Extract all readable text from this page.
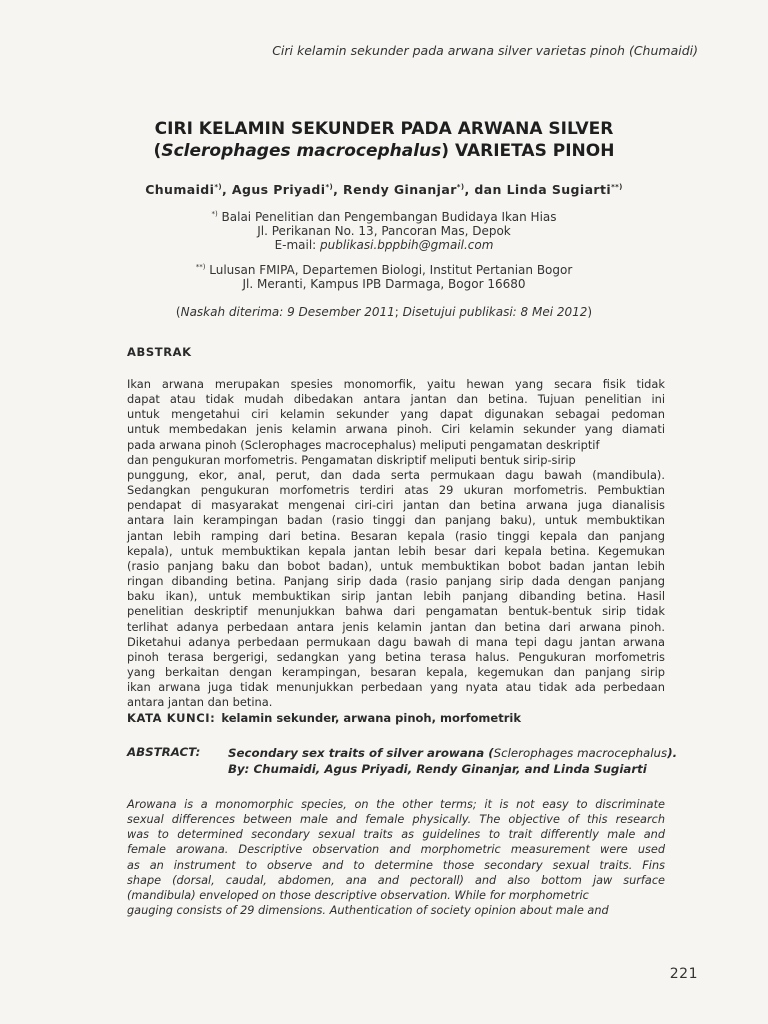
Ciri kelamin sekunder pada arwana silver varietas pinoh (Chumaidi)
CIRI KELAMIN SEKUNDER PADA ARWANA SILVER
(Sclerophages macrocephalus) VARIETAS PINOH
Chumaidi*), Agus Priyadi*), Rendy Ginanjar*), dan Linda Sugiarti**)
*) Balai Penelitian dan Pengembangan Budidaya Ikan Hias
Jl. Perikanan No. 13, Pancoran Mas, Depok
E-mail: publikasi.bppbih@gmail.com
**) Lulusan FMIPA, Departemen Biologi, Institut Pertanian Bogor
Jl. Meranti, Kampus IPB Darmaga, Bogor 16680
(Naskah diterima: 9 Desember 2011; Disetujui publikasi: 8 Mei 2012)
ABSTRAK
Ikan arwana merupakan spesies monomorfik, yaitu hewan yang secara fisik tidak
dapat atau tidak mudah dibedakan antara jantan dan betina. Tujuan penelitian ini
untuk mengetahui ciri kelamin sekunder yang dapat digunakan sebagai pedoman
untuk membedakan jenis kelamin arwana pinoh. Ciri kelamin sekunder yang diamati
pada arwana pinoh (Sclerophages macrocephalus) meliputi pengamatan deskriptif
dan pengukuran morfometris. Pengamatan diskriptif meliputi bentuk sirip-sirip
punggung, ekor, anal, perut, dan dada serta permukaan dagu bawah (mandibula).
Sedangkan pengukuran morfometris terdiri atas 29 ukuran morfometris. Pembuktian
pendapat di masyarakat mengenai ciri-ciri jantan dan betina arwana juga dianalisis
antara lain kerampingan badan (rasio tinggi dan panjang baku), untuk membuktikan
jantan lebih ramping dari betina. Besaran kepala (rasio tinggi kepala dan panjang
kepala), untuk membuktikan kepala jantan lebih besar dari kepala betina. Kegemukan
(rasio panjang baku dan bobot badan), untuk membuktikan bobot badan jantan lebih
ringan dibanding betina. Panjang sirip dada (rasio panjang sirip dada dengan panjang
baku ikan), untuk membuktikan sirip jantan lebih panjang dibanding betina. Hasil
penelitian deskriptif menunjukkan bahwa dari pengamatan bentuk-bentuk sirip tidak
terlihat adanya perbedaan antara jenis kelamin jantan dan betina dari arwana pinoh.
Diketahui adanya perbedaan permukaan dagu bawah di mana tepi dagu jantan arwana
pinoh terasa bergerigi, sedangkan yang betina terasa halus. Pengukuran morfometris
yang berkaitan dengan kerampingan, besaran kepala, kegemukan dan panjang sirip
ikan arwana juga tidak menunjukkan perbedaan yang nyata atau tidak ada perbedaan
antara jantan dan betina.
KATA KUNCI: kelamin sekunder, arwana pinoh, morfometrik
ABSTRACT: Secondary sex traits of silver arowana (Sclerophages macrocephalus).
By: Chumaidi, Agus Priyadi, Rendy Ginanjar, and Linda Sugiarti
Arowana is a monomorphic species, on the other terms; it is not easy to discriminate
sexual differences between male and female physically. The objective of this research
was to determined secondary sexual traits as guidelines to trait differently male and
female arowana. Descriptive observation and morphometric measurement were used
as an instrument to observe and to determine those secondary sexual traits. Fins
shape (dorsal, caudal, abdomen, ana and pectorall) and also bottom jaw surface
(mandibula) enveloped on those descriptive observation. While for morphometric
gauging consists of 29 dimensions. Authentication of society opinion about male and
221
